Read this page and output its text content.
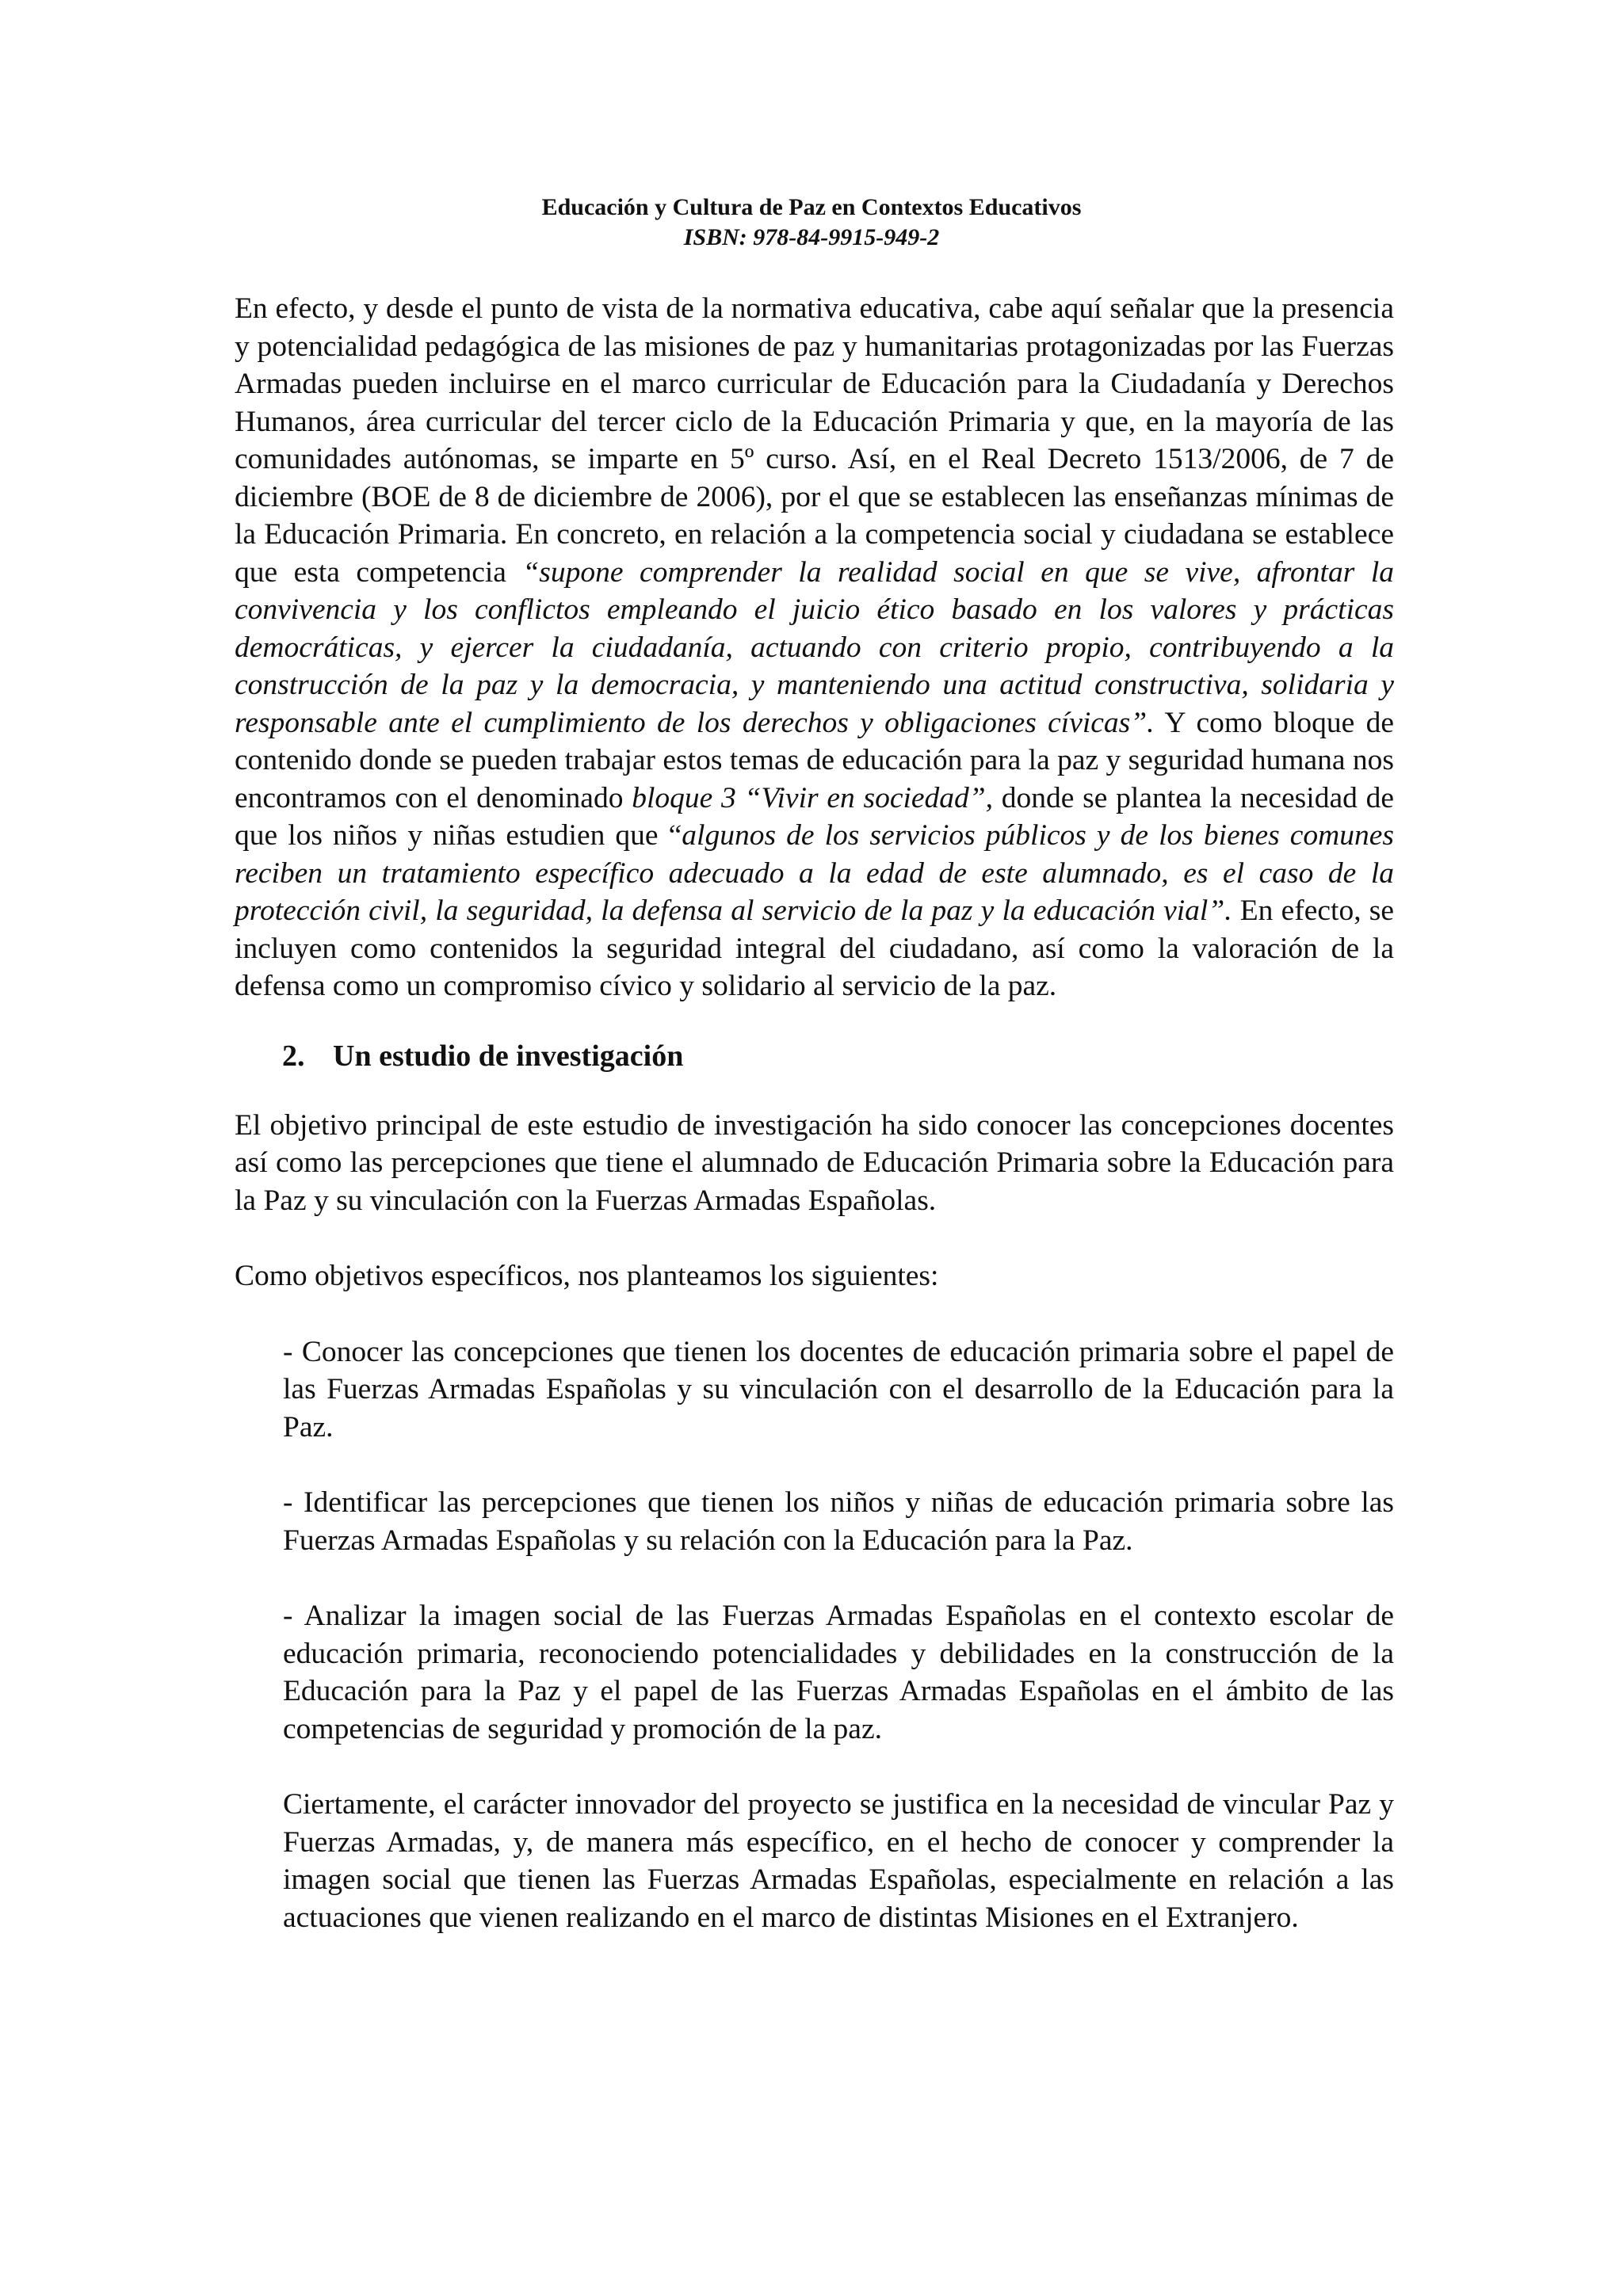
Educación y Cultura de Paz en Contextos Educativos
ISBN: 978-84-9915-949-2

En efecto, y desde el punto de vista de la normativa educativa, cabe aquí señalar que la presencia y potencialidad pedagógica de las misiones de paz y humanitarias protagonizadas por las Fuerzas Armadas pueden incluirse en el marco curricular de Educación para la Ciudadanía y Derechos Humanos, área curricular del tercer ciclo de la Educación Primaria y que, en la mayoría de las comunidades autónomas, se imparte en 5º curso. Así, en el Real Decreto 1513/2006, de 7 de diciembre (BOE de 8 de diciembre de 2006), por el que se establecen las enseñanzas mínimas de la Educación Primaria. En concreto, en relación a la competencia social y ciudadana se establece que esta competencia “supone comprender la realidad social en que se vive, afrontar la convivencia y los conflictos empleando el juicio ético basado en los valores y prácticas democráticas, y ejercer la ciudadanía, actuando con criterio propio, contribuyendo a la construcción de la paz y la democracia, y manteniendo una actitud constructiva, solidaria y responsable ante el cumplimiento de los derechos y obligaciones cívicas”. Y como bloque de contenido donde se pueden trabajar estos temas de educación para la paz y seguridad humana nos encontramos con el denominado bloque 3 “Vivir en sociedad”, donde se plantea la necesidad de que los niños y niñas estudien que “algunos de los servicios públicos y de los bienes comunes reciben un tratamiento específico adecuado a la edad de este alumnado, es el caso de la protección civil, la seguridad, la defensa al servicio de la paz y la educación vial”. En efecto, se incluyen como contenidos la seguridad integral del ciudadano, así como la valoración de la defensa como un compromiso cívico y solidario al servicio de la paz.

2. Un estudio de investigación

El objetivo principal de este estudio de investigación ha sido conocer las concepciones docentes así como las percepciones que tiene el alumnado de Educación Primaria sobre la Educación para la Paz y su vinculación con la Fuerzas Armadas Españolas.

Como objetivos específicos, nos planteamos los siguientes:

- Conocer las concepciones que tienen los docentes de educación primaria sobre el papel de las Fuerzas Armadas Españolas y su vinculación con el desarrollo de la Educación para la Paz.

- Identificar las percepciones que tienen los niños y niñas de educación primaria sobre las Fuerzas Armadas Españolas y su relación con la Educación para la Paz.

- Analizar la imagen social de las Fuerzas Armadas Españolas en el contexto escolar de educación primaria, reconociendo potencialidades y debilidades en la construcción de la Educación para la Paz y el papel de las Fuerzas Armadas Españolas en el ámbito de las competencias de seguridad y promoción de la paz.

Ciertamente, el carácter innovador del proyecto se justifica en la necesidad de vincular Paz y Fuerzas Armadas, y, de manera más específico, en el hecho de conocer y comprender la imagen social que tienen las Fuerzas Armadas Españolas, especialmente en relación a las actuaciones que vienen realizando en el marco de distintas Misiones en el Extranjero.
